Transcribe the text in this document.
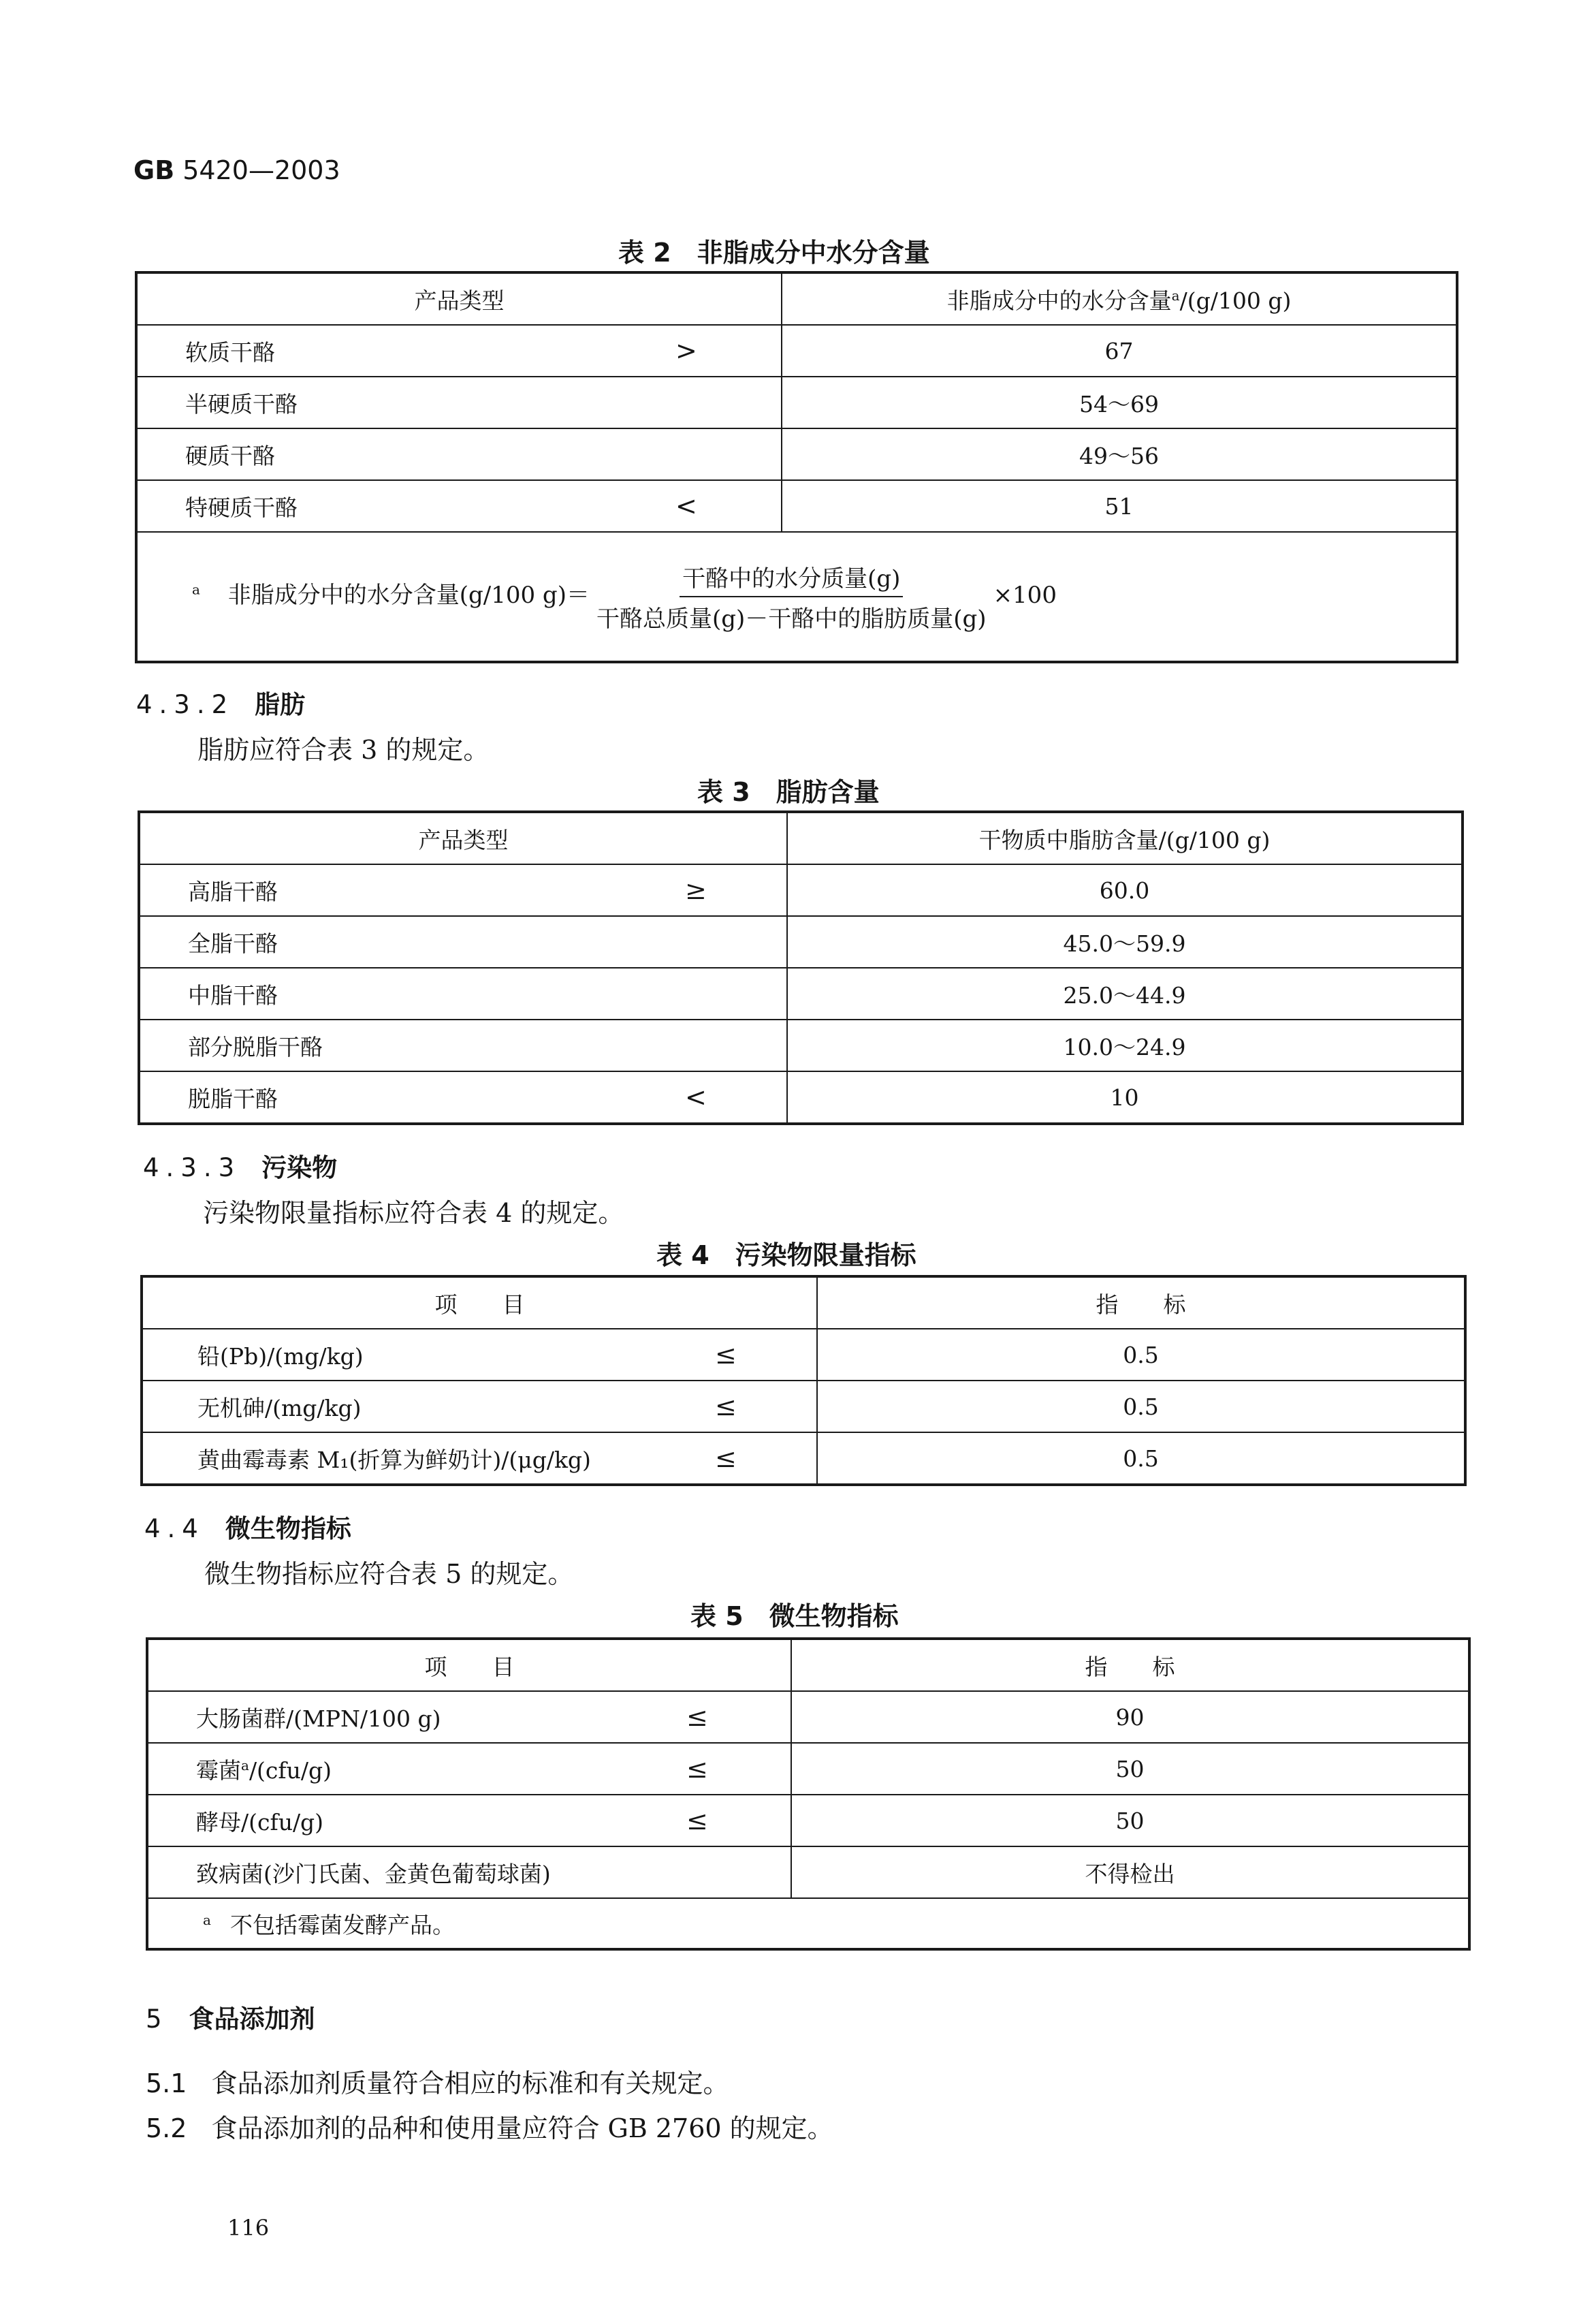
GB 5420—2003
表 2　非脂成分中水分含量
产品类型	非脂成分中的水分含量$^a$/(g/100 g)
软质干酪 >	67
半硬质干酪	54～69
硬质干酪	49～56
特硬质干酪 <	51
$^a$ 非脂成分中的水分含量(g/100 $g)= \frac{\text{干酪中的水分质量(g)}}{\text{干酪总质量(g)－干酪中的脂肪质量(g)}} \times 100$	
4.3.2 脂肪
脂肪应符合表 3 的规定。
表 3　脂肪含量
产品类型	干物质中脂肪含量/(g/100 g)
高脂干酪 ≥	60.0
全脂干酪	45.0～59.9
中脂干酪	25.0～44.9
部分脱脂干酪	10.0～24.9
脱脂干酪 <	10
4.3.3 污染物
污染物限量指标应符合表 4 的规定。
表 4　污染物限量指标
项　　目	指　　标
铅(Pb)/(mg/kg) ≤	0.5
无机砷/(mg/kg) ≤	0.5
黄曲霉毒素 M₁(折算为鲜奶计)/(μg/kg) ≤	0.5
4.4 微生物指标
微生物指标应符合表 5 的规定。
表 5　微生物指标
项　　目	指　　标
大肠菌群/(MPN/100 g) ≤	90
霉菌$^a$/(cfu/g) ≤	50
酵母/(cfu/g) ≤	50
致病菌(沙门氏菌、金黄色葡萄球菌)	不得检出
$^a$ 不包括霉菌发酵产品。	
5 食品添加剂
5.1 食品添加剂质量符合相应的标准和有关规定。
5.2 食品添加剂的品种和使用量应符合 GB 2760 的规定。
116
